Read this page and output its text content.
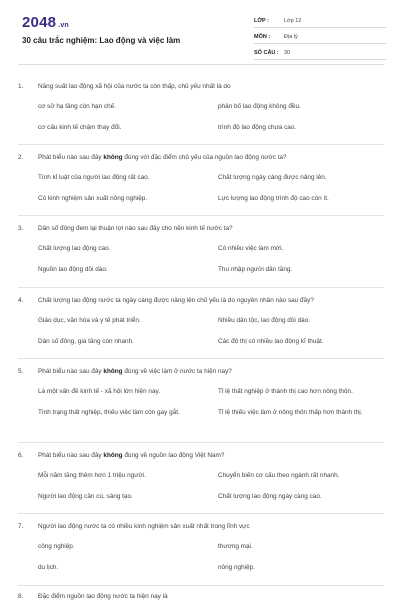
2048 .vn
30 câu trắc nghiệm: Lao động và việc làm
LỚP :	Lớp 12
MÔN :	Địa lý
SỐ CÂU : 30
1.	Năng suất lao động xã hội của nước ta còn thấp, chủ yếu nhất là do
cơ sở hạ tầng còn hạn chế.	phân bố lao động không đều.
cơ cấu kinh tế chậm thay đổi.	trình độ lao động chưa cao.
2.	Phát biểu nào sau đây không đúng với đặc điểm chủ yếu của nguồn lao động nước ta?
Tính kỉ luật của người lao động rất cao.	Chất lượng ngày càng được nâng lên.
Có kinh nghiệm sản xuất nông nghiệp.	Lực lượng lao động trình độ cao còn ít.
3.	Dân số đông đem lại thuận lợi nào sau đây cho nền kinh tế nước ta?
Chất lượng lao động cao.	Có nhiều việc làm mới.
Nguồn lao động dồi dào.	Thu nhập người dân tăng.
4.	Chất lượng lao động nước ta ngày càng được nâng lên chủ yếu là do nguyên nhân nào sau đây?
Giáo dục, văn hóa và y tế phát triển.	Nhiều dân tộc, lao động dồi dào.
Dân số đông, gia tăng còn nhanh.	Các đô thị có nhiều lao động kĩ thuật.
5.	Phát biểu nào sau đây không đúng về việc làm ở nước ta hiện nay?
Là một vấn đề kinh tế - xã hội lớn hiện nay.	Tỉ lệ thất nghiệp ở thành thị cao hơn nông thôn.
Tình trạng thất nghiệp, thiếu việc làm còn gay gắt.	Tỉ lệ thiếu việc làm ở nông thôn thấp hơn thành thị.
6.	Phát biểu nào sau đây không đúng về nguồn lao động Việt Nam?
Mỗi năm tăng thêm hơn 1 triệu người.	Chuyển biến cơ cấu theo ngành rất nhanh.
Người lao động cần cù, sáng tạo.	Chất lượng lao động ngày càng cao.
7.	Người lao động nước ta có nhiều kinh nghiệm sản xuất nhất trong lĩnh vực
công nghiệp.	thương mại.
du lịch.	nông nghiệp.
8.	Đặc điểm nguồn lao động nước ta hiện nay là
